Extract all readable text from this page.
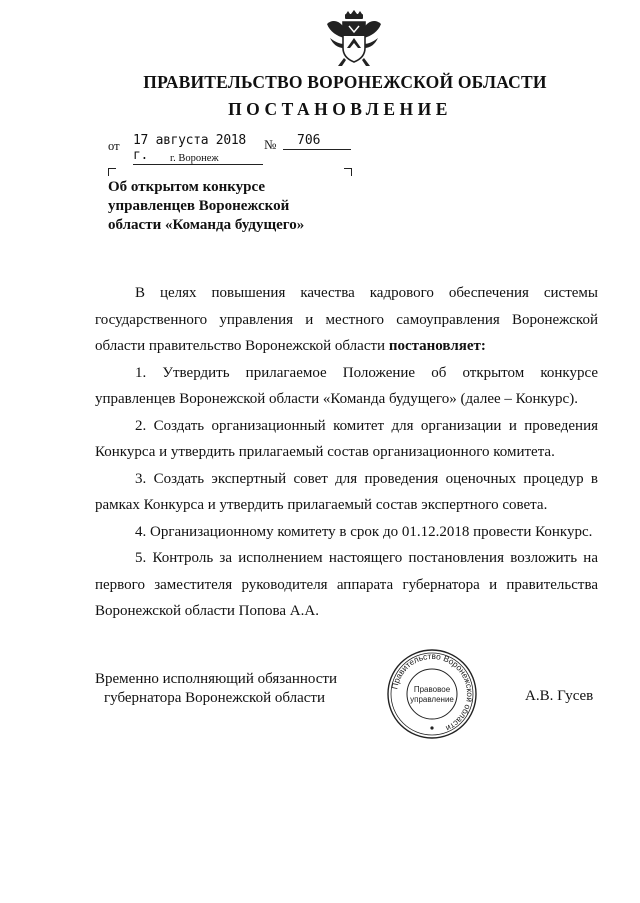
ПРАВИТЕЛЬСТВО ВОРОНЕЖСКОЙ ОБЛАСТИ
ПОСТАНОВЛЕНИЕ
от 17 августа 2018 г.
№	706
г. Воронеж
Об открытом конкурсе
управленцев Воронежской
области «Команда будущего»

В целях повышения качества кадрового обеспечения системы государственного управления и местного самоуправления Воронежской области правительство Воронежской области постановляет:

1. Утвердить прилагаемое Положение об открытом конкурсе управленцев Воронежской области «Команда будущего» (далее – Конкурс).

2. Создать организационный комитет для организации и проведения Конкурса и утвердить прилагаемый состав организационного комитета.

3. Создать экспертный совет для проведения оценочных процедур в рамках Конкурса и утвердить прилагаемый состав экспертного совета.

4. Организационному комитету в срок до 01.12.2018 провести Конкурс.

5. Контроль за исполнением настоящего постановления возложить на первого заместителя руководителя аппарата губернатора и правительства Воронежской области Попова А.А.

Временно исполняющий обязанности
губернатора Воронежской области
Правительство Воронежской области
Правовое
управление	А.В. Гусев
